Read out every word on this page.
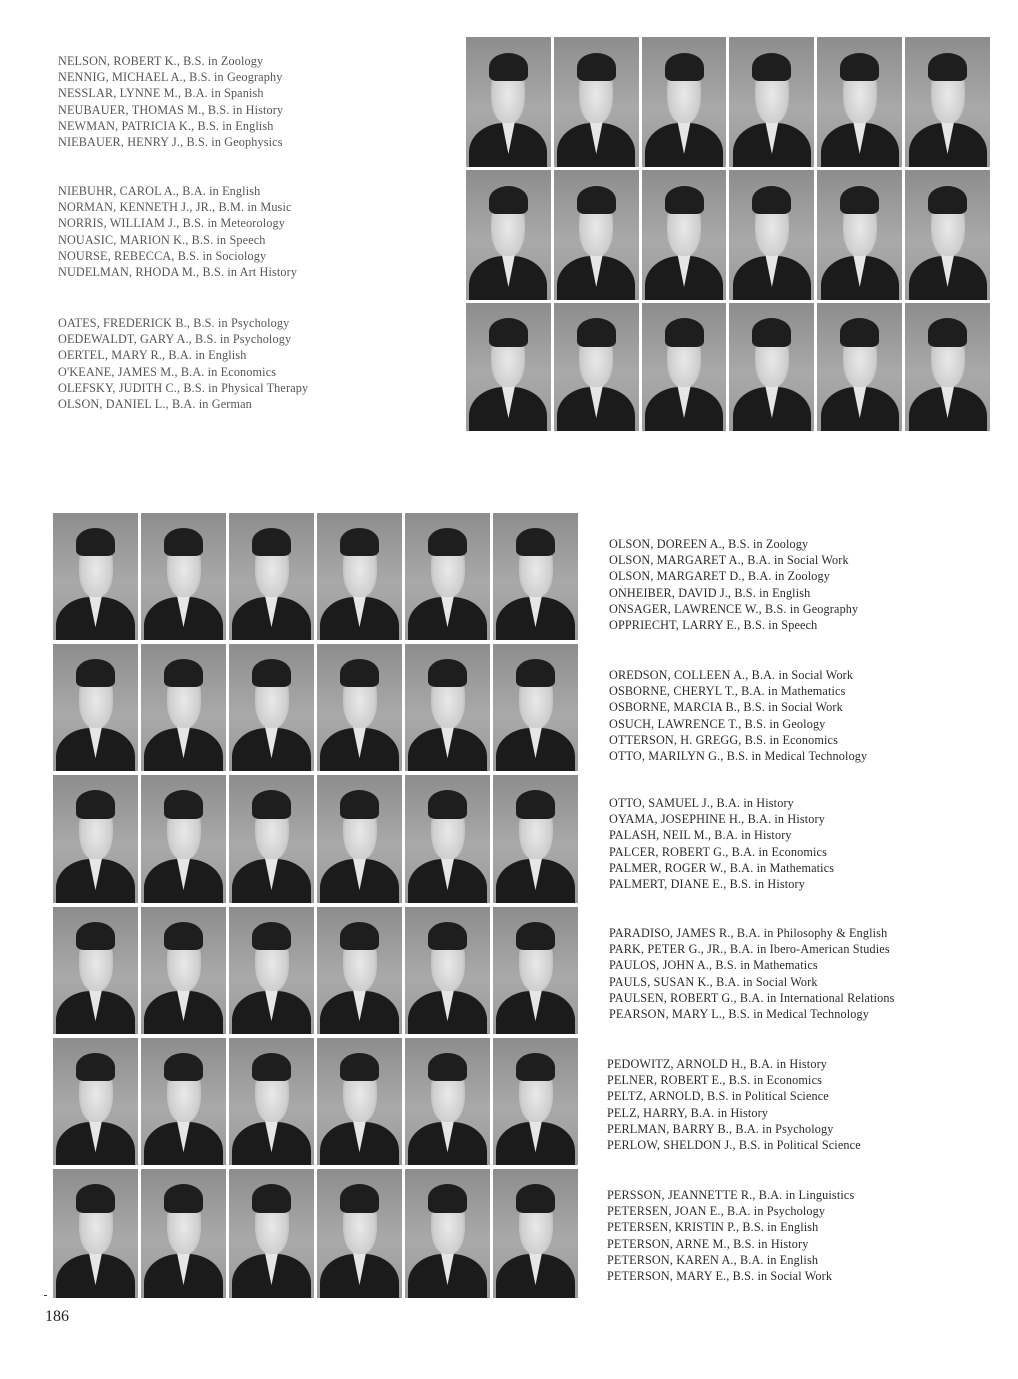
NELSON, ROBERT K., B.S. in Zoology
NENNIG, MICHAEL A., B.S. in Geography
NESSLAR, LYNNE M., B.A. in Spanish
NEUBAUER, THOMAS M., B.S. in History
NEWMAN, PATRICIA K., B.S. in English
NIEBAUER, HENRY J., B.S. in Geophysics
NIEBUHR, CAROL A., B.A. in English
NORMAN, KENNETH J., JR., B.M. in Music
NORRIS, WILLIAM J., B.S. in Meteorology
NOUASIC, MARION K., B.S. in Speech
NOURSE, REBECCA, B.S. in Sociology
NUDELMAN, RHODA M., B.S. in Art History
OATES, FREDERICK B., B.S. in Psychology
OEDEWALDT, GARY A., B.S. in Psychology
OERTEL, MARY R., B.A. in English
O'KEANE, JAMES M., B.A. in Economics
OLEFSKY, JUDITH C., B.S. in Physical Therapy
OLSON, DANIEL L., B.A. in German
OLSON, DOREEN A., B.S. in Zoology
OLSON, MARGARET A., B.A. in Social Work
OLSON, MARGARET D., B.A. in Zoology
ONHEIBER, DAVID J., B.S. in English
ONSAGER, LAWRENCE W., B.S. in Geography
OPPRIECHT, LARRY E., B.S. in Speech
OREDSON, COLLEEN A., B.A. in Social Work
OSBORNE, CHERYL T., B.A. in Mathematics
OSBORNE, MARCIA B., B.S. in Social Work
OSUCH, LAWRENCE T., B.S. in Geology
OTTERSON, H. GREGG, B.S. in Economics
OTTO, MARILYN G., B.S. in Medical Technology
OTTO, SAMUEL J., B.A. in History
OYAMA, JOSEPHINE H., B.A. in History
PALASH, NEIL M., B.A. in History
PALCER, ROBERT G., B.A. in Economics
PALMER, ROGER W., B.A. in Mathematics
PALMERT, DIANE E., B.S. in History
PARADISO, JAMES R., B.A. in Philosophy & English
PARK, PETER G., JR., B.A. in Ibero-American Studies
PAULOS, JOHN A., B.S. in Mathematics
PAULS, SUSAN K., B.A. in Social Work
PAULSEN, ROBERT G., B.A. in International Relations
PEARSON, MARY L., B.S. in Medical Technology
PEDOWITZ, ARNOLD H., B.A. in History
PELNER, ROBERT E., B.S. in Economics
PELTZ, ARNOLD, B.S. in Political Science
PELZ, HARRY, B.A. in History
PERLMAN, BARRY B., B.A. in Psychology
PERLOW, SHELDON J., B.S. in Political Science
PERSSON, JEANNETTE R., B.A. in Linguistics
PETERSEN, JOAN E., B.A. in Psychology
PETERSEN, KRISTIN P., B.S. in English
PETERSON, ARNE M., B.S. in History
PETERSON, KAREN A., B.A. in English
PETERSON, MARY E., B.S. in Social Work

186
